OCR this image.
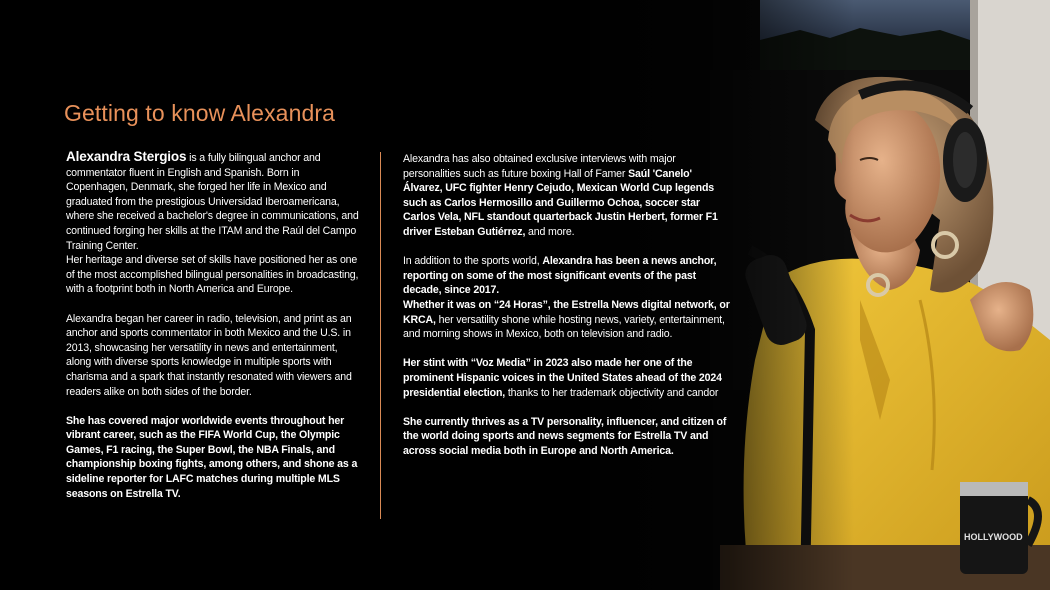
Getting to know Alexandra

Alexandra Stergios is a fully bilingual anchor and commentator fluent in English and Spanish. Born in Copenhagen, Denmark, she forged her life in Mexico and graduated from the prestigious Universidad Iberoamericana, where she received a bachelor's degree in communications, and continued forging her skills at the ITAM and the Raúl del Campo Training Center.

Her heritage and diverse set of skills have positioned her as one of the most accomplished bilingual personalities in broadcasting, with a footprint both in North America and Europe.

Alexandra began her career in radio, television, and print as an anchor and sports commentator in both Mexico and the U.S. in 2013, showcasing her versatility in news and entertainment, along with diverse sports knowledge in multiple sports with charisma and a spark that instantly resonated with viewers and readers alike on both sides of the border.

She has covered major worldwide events throughout her vibrant career, such as the FIFA World Cup, the Olympic Games, F1 racing, the Super Bowl, the NBA Finals, and championship boxing fights, among others, and shone as a sideline reporter for LAFC matches during multiple MLS seasons on Estrella TV.

Alexandra has also obtained exclusive interviews with major personalities such as future boxing Hall of Famer Saúl 'Canelo' Álvarez, UFC fighter Henry Cejudo, Mexican World Cup legends such as Carlos Hermosillo and Guillermo Ochoa, soccer star Carlos Vela, NFL standout quarterback Justin Herbert, former F1 driver Esteban Gutiérrez, and more.

In addition to the sports world, Alexandra has been a news anchor, reporting on some of the most significant events of the past decade, since 2017.

Whether it was on “24 Horas”, the Estrella News digital network, or KRCA, her versatility shone while hosting news, variety, entertainment, and morning shows in Mexico, both on television and radio.

Her stint with “Voz Media” in 2023 also made her one of the prominent Hispanic voices in the United States ahead of the 2024 presidential election, thanks to her trademark objectivity and candor

She currently thrives as a TV personality, influencer, and citizen of the world doing sports and news segments for Estrella TV and across social media both in Europe and North America.
